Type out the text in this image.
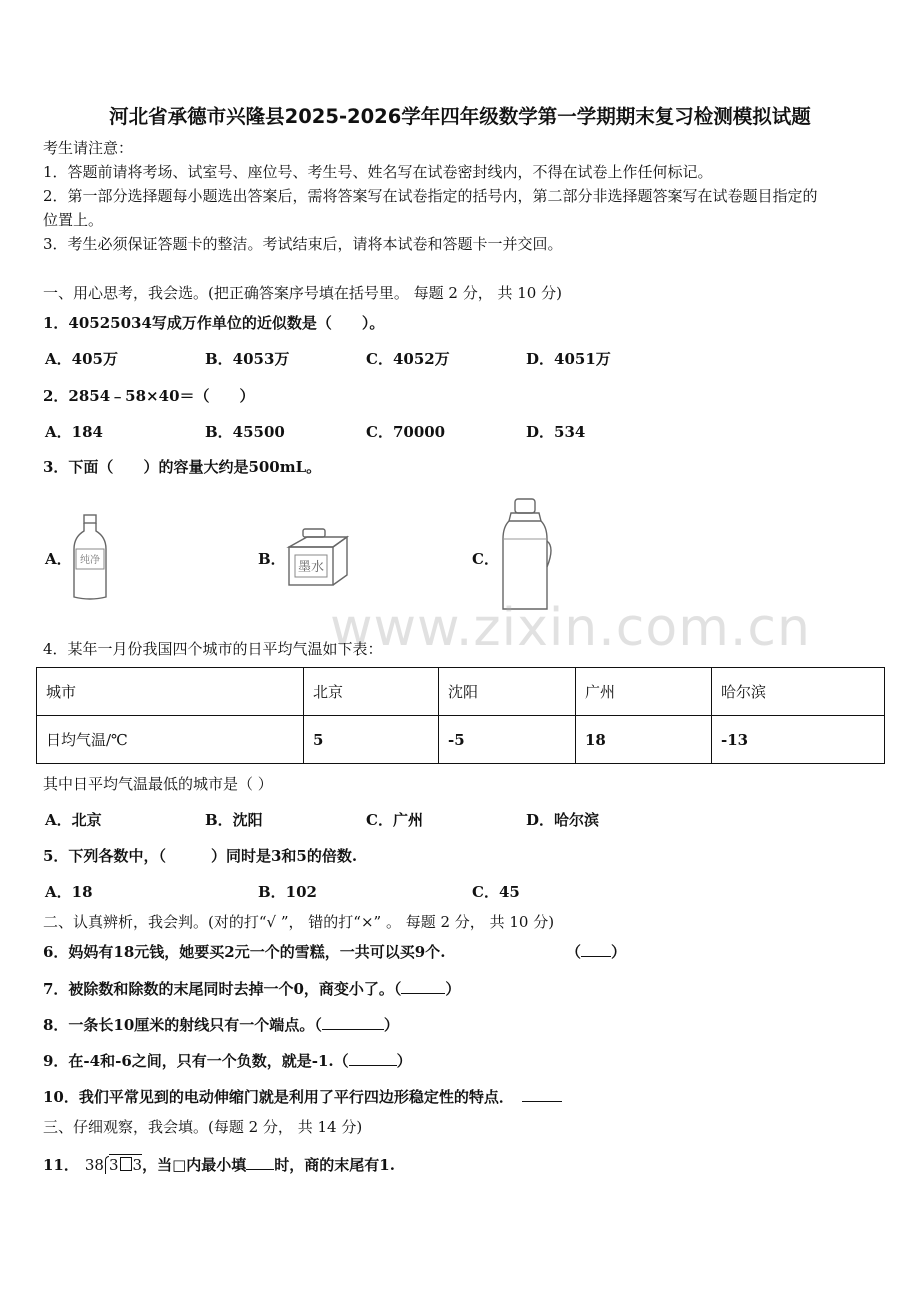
河北省承德市兴隆县2025-2026学年四年级数学第一学期期末复习检测模拟试题
考生请注意：
1．答题前请将考场、试室号、座位号、考生号、姓名写在试卷密封线内，不得在试卷上作任何标记。
2．第一部分选择题每小题选出答案后，需将答案写在试卷指定的括号内，第二部分非选择题答案写在试卷题目指定的
位置上。
3．考生必须保证答题卡的整洁。考试结束后，请将本试卷和答题卡一并交回。
一、用心思考，我会选。(把正确答案序号填在括号里。 每题 2 分， 共 10 分)
1．40525034写成万作单位的近似数是（　　）。
A．405万	B．4053万	C．4052万	D．4051万
2．2854﹣58×40＝（　　）
A．184	B．45500	C．70000	D．534
3．下面（　　）的容量大约是500mL。
A． 纯净	B． 墨水	C．
www.zixin.com.cn
4．某年一月份我国四个城市的日平均气温如下表：
城市	北京	沈阳	广州	哈尔滨
日均气温/℃	5	-5	18	-13
其中日平均气温最低的城市是（ ）
A．北京	B．沈阳	C．广州	D．哈尔滨
5．下列各数中，（　　　）同时是3和5的倍数.
A．18	B．102	C．45
二、认真辨析，我会判。(对的打“√ ”， 错的打“×” 。 每题 2 分， 共 10 分)
6．妈妈有18元钱，她要买2元一个的雪糕，一共可以买9个.	（ ）
7．被除数和除数的末尾同时去掉一个0，商变小了。（	）
8．一条长10厘米的射线只有一个端点。（	）
9．在-4和-6之间，只有一个负数，就是-1.（	）
10．我们平常见到的电动伸缩门就是利用了平行四边形稳定性的特点．
三、仔细观察，我会填。(每题 2 分， 共 14 分)
11． 38 3 3，当□内最小填 时，商的末尾有1.
